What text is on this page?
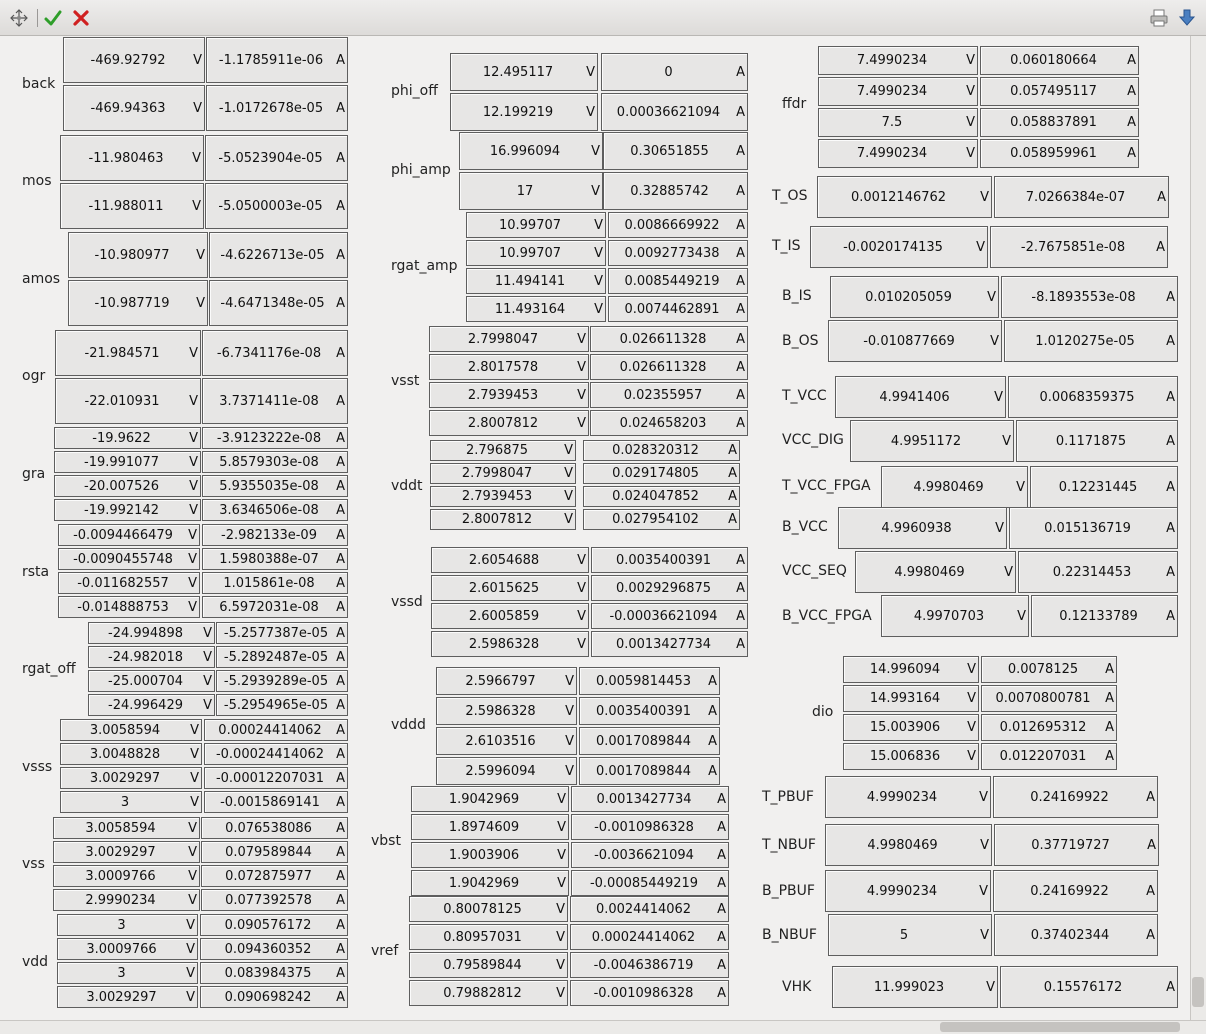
back
-469.92792	V	-1.1785911e-06 A
-469.94363	V	-1.0172678e-05 A
mos
-11.980463	V	-5.0523904e-05	A
-11.988011	V	-5.0500003e-05	A
amos
-10.980977	V	-4.6226713e-05 A
-10.987719	V	-4.6471348e-05 A
ogr
-21.984571	V	-6.7341176e-08	A
-22.010931	V	3.7371411e-08	A
gra
-19.9622	V	-3.9123222e-08	A
-19.991077	V	5.8579303e-08	A
-20.007526	V	5.9355035e-08	A
-19.992142	V	3.6346506e-08	A
rsta
-0.0094466479	V	-2.982133e-09	A
-0.0090455748	V	1.5980388e-07	A
-0.011682557	V	1.015861e-08	A
-0.014888753	V	6.5972031e-08	A
rgat_off
-24.994898	V -5.2577387e-05 A
-24.982018	V -5.2892487e-05 A
-25.000704	V -5.2939289e-05 A
-24.996429	V -5.2954965e-05 A
vsss
3.0058594	V	0.00024414062	A
3.0048828	V	-0.00024414062 A
3.0029297	V	-0.00012207031 A
3	V	-0.0015869141	A
vss
3.0058594	V	0.076538086	A
3.0029297	V	0.079589844	A
3.0009766	V	0.072875977	A
2.9990234	V	0.077392578	A
vdd
3	V	0.090576172	A
3.0009766	V	0.094360352	A
3	V	0.083984375	A
3.0029297	V	0.090698242	A
phi_off
12.495117	V	0	A
12.199219	V	0.00036621094	A
phi_amp
16.996094	V	0.30651855	A
17	V	0.32885742	A
rgat_amp
10.99707	V	0.0086669922	A
10.99707	V	0.0092773438	A
11.494141	V	0.0085449219	A
11.493164	V	0.0074462891	A
vsst
2.7998047	V	0.026611328	A
2.8017578	V	0.026611328	A
2.7939453	V	0.02355957	A
2.8007812	V	0.024658203	A
vddt
2.796875	V	0.028320312	A
2.7998047	V	0.029174805	A
2.7939453	V	0.024047852	A
2.8007812	V	0.027954102	A
vssd
2.6054688	V	0.0035400391	A
2.6015625	V	0.0029296875	A
2.6005859	V	-0.00036621094	A
2.5986328	V	0.0013427734	A
vddd
2.5966797	V	0.0059814453	A
2.5986328	V	0.0035400391	A
2.6103516	V	0.0017089844	A
2.5996094	V	0.0017089844	A
vbst
1.9042969	V	0.0013427734	A
1.8974609	V	-0.0010986328	A
1.9003906	V	-0.0036621094	A
1.9042969	V	-0.00085449219	A
vref
0.80078125	V	0.0024414062	A
0.80957031	V	0.00024414062	A
0.79589844	V	-0.0046386719	A
0.79882812	V	-0.0010986328	A
ffdr
7.4990234	V	0.060180664	A
7.4990234	V	0.057495117	A
7.5	V	0.058837891	A
7.4990234	V	0.058959961	A
T_OS	0.0012146762	V	7.0266384e-07	A
T_IS	-0.0020174135	V	-2.7675851e-08	A
B_IS	0.010205059	V	-8.1893553e-08	A
B_OS	-0.010877669	V	1.0120275e-05	A
T_VCC	4.9941406	V	0.0068359375	A
VCC_DIG	4.9951172	V	0.1171875	A
T_VCC_FPGA	4.9980469	V	0.12231445	A
B_VCC	4.9960938	V	0.015136719	A
VCC_SEQ	4.9980469	V	0.22314453	A
B_VCC_FPGA	4.9970703	V	0.12133789	A
dio
14.996094	V	0.0078125	A
14.993164	V	0.0070800781	A
15.003906	V	0.012695312	A
15.006836	V	0.012207031	A
T_PBUF	4.9990234	V	0.24169922	A
T_NBUF	4.9980469	V	0.37719727	A
B_PBUF	4.9990234	V	0.24169922	A
B_NBUF	5	V	0.37402344	A
VHK	11.999023	V	0.15576172	A
